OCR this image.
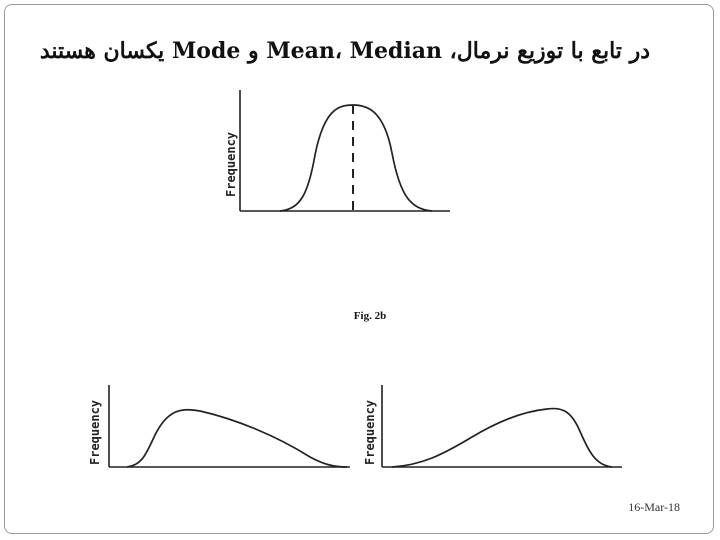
در تابع با توزیع نرمال، Mean، Median و Mode یکسان هستند
Frequency
Fig. 2b
Frequency	Frequency
16-Mar-18
